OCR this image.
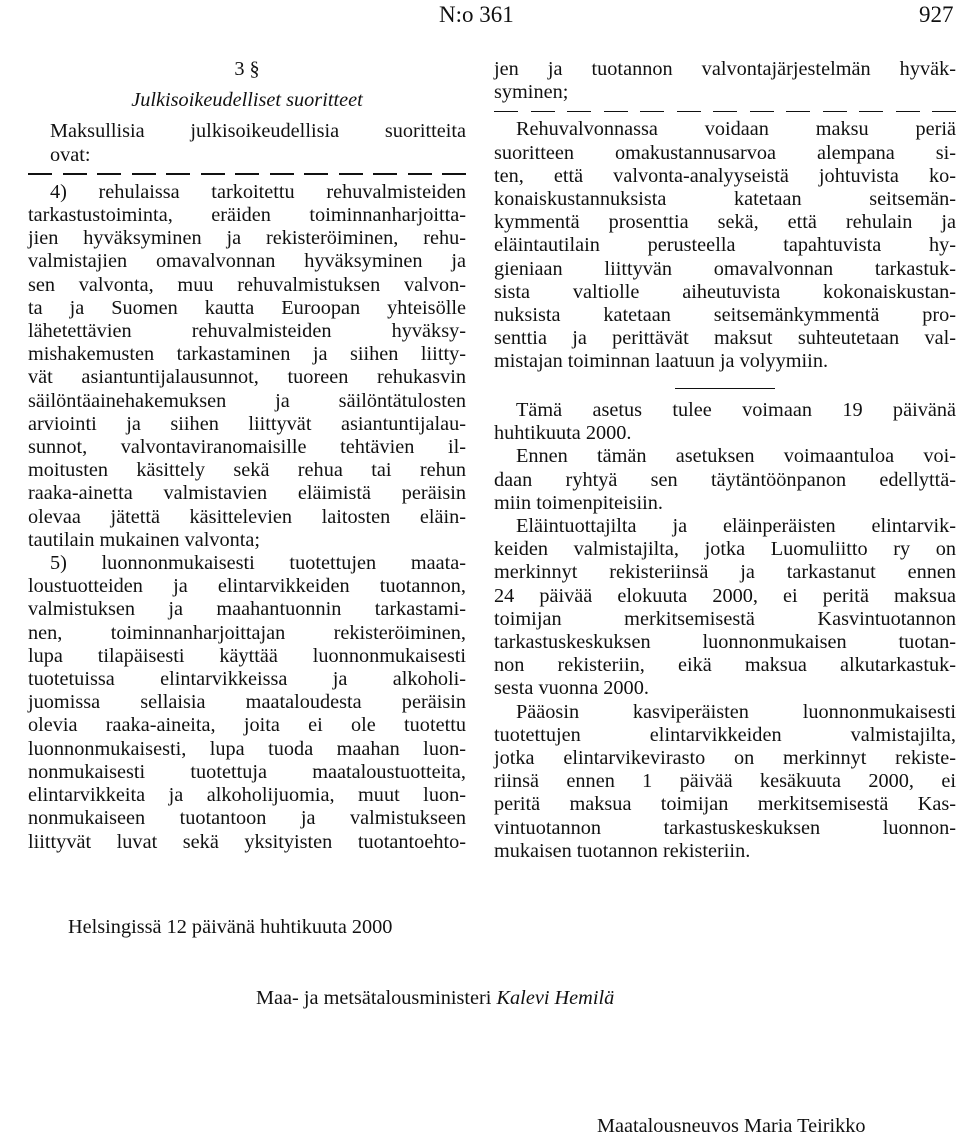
N:o 361	927

3 §

Julkisoikeudelliset suoritteet

Maksullisia julkisoikeudellisia suoritteita
ovat:
4) rehulaissa tarkoitettu rehuvalmisteiden
tarkastustoiminta, eräiden toiminnanharjoitta-
jien hyväksyminen ja rekisteröiminen, rehu-
valmistajien omavalvonnan hyväksyminen ja
sen valvonta, muu rehuvalmistuksen valvon-
ta ja Suomen kautta Euroopan yhteisölle
lähetettävien rehuvalmisteiden hyväksy-
mishakemusten tarkastaminen ja siihen liitty-
vät asiantuntijalausunnot, tuoreen rehukasvin
säilöntäainehakemuksen ja säilöntätulosten
arviointi ja siihen liittyvät asiantuntijalau-
sunnot, valvontaviranomaisille tehtävien il-
moitusten käsittely sekä rehua tai rehun
raaka-ainetta valmistavien eläimistä peräisin
olevaa jätettä käsittelevien laitosten eläin-
tautilain mukainen valvonta;
5) luonnonmukaisesti tuotettujen maata-
loustuotteiden ja elintarvikkeiden tuotannon,
valmistuksen ja maahantuonnin tarkastami-
nen, toiminnanharjoittajan rekisteröiminen,
lupa tilapäisesti käyttää luonnonmukaisesti
tuotetuissa elintarvikkeissa ja alkoholi-
juomissa sellaisia maataloudesta peräisin
olevia raaka-aineita, joita ei ole tuotettu
luonnonmukaisesti, lupa tuoda maahan luon-
nonmukaisesti tuotettuja maataloustuotteita,
elintarvikkeita ja alkoholijuomia, muut luon-
nonmukaiseen tuotantoon ja valmistukseen
liittyvät luvat sekä yksityisten tuotantoehto-
jen ja tuotannon valvontajärjestelmän hyväk-
syminen;
Rehuvalvonnassa voidaan maksu periä
suoritteen omakustannusarvoa alempana si-
ten, että valvonta-analyyseistä johtuvista ko-
konaiskustannuksista katetaan seitsemän-
kymmentä prosenttia sekä, että rehulain ja
eläintautilain perusteella tapahtuvista hy-
gieniaan liittyvän omavalvonnan tarkastuk-
sista valtiolle aiheutuvista kokonaiskustan-
nuksista katetaan seitsemänkymmentä pro-
senttia ja perittävät maksut suhteutetaan val-
mistajan toiminnan laatuun ja volyymiin.
Tämä asetus tulee voimaan 19 päivänä
huhtikuuta 2000.
Ennen tämän asetuksen voimaantuloa voi-
daan ryhtyä sen täytäntöönpanon edellyttä-
miin toimenpiteisiin.
Eläintuottajilta ja eläinperäisten elintarvik-
keiden valmistajilta, jotka Luomuliitto ry on
merkinnyt rekisteriinsä ja tarkastanut ennen
24 päivää elokuuta 2000, ei peritä maksua
toimijan merkitsemisestä Kasvintuotannon
tarkastuskeskuksen luonnonmukaisen tuotan-
non rekisteriin, eikä maksua alkutarkastuk-
sesta vuonna 2000.
Pääosin kasviperäisten luonnonmukaisesti
tuotettujen elintarvikkeiden valmistajilta,
jotka elintarvikevirasto on merkinnyt rekiste-
riinsä ennen 1 päivää kesäkuuta 2000, ei
peritä maksua toimijan merkitsemisestä Kas-
vintuotannon tarkastuskeskuksen luonnon-
mukaisen tuotannon rekisteriin.
Helsingissä 12 päivänä huhtikuuta 2000
Maa- ja metsätalousministeri Kalevi Hemilä
Maatalousneuvos Maria Teirikko
